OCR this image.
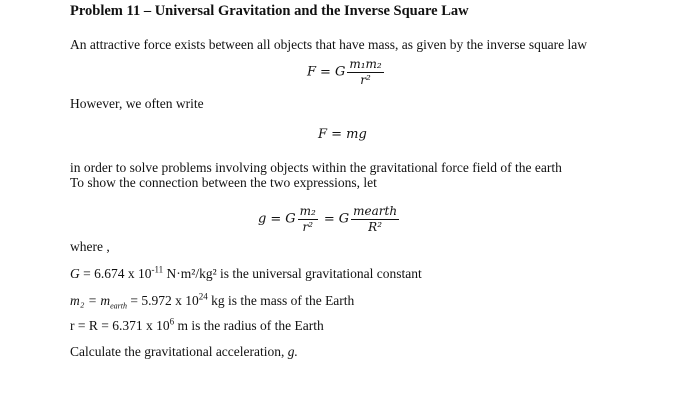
Problem 11 – Universal Gravitation and the Inverse Square Law
An attractive force exists between all objects that have mass, as given by the inverse square law
F = G $\frac{\text{m₁m₂}}{\text{r²}}$
However, we often write
F = mg
in order to solve problems involving objects within the gravitational force field of the earth
To show the connection between the two expressions, let
g = G $\frac{\text{m₂}}{\text{r²}} = G \frac{\text{mearth}}{\text{R²}}$
where ,
G = 6.674 x $10^{-11}$ N·m²/kg² is the universal gravitational constant
$m_2 = m_{earth} = 5.972$ x $10^{24}$ kg is the mass of the Earth
r = R = 6.371 x $10^6$ m is the radius of the Earth
Calculate the gravitational acceleration, g.
